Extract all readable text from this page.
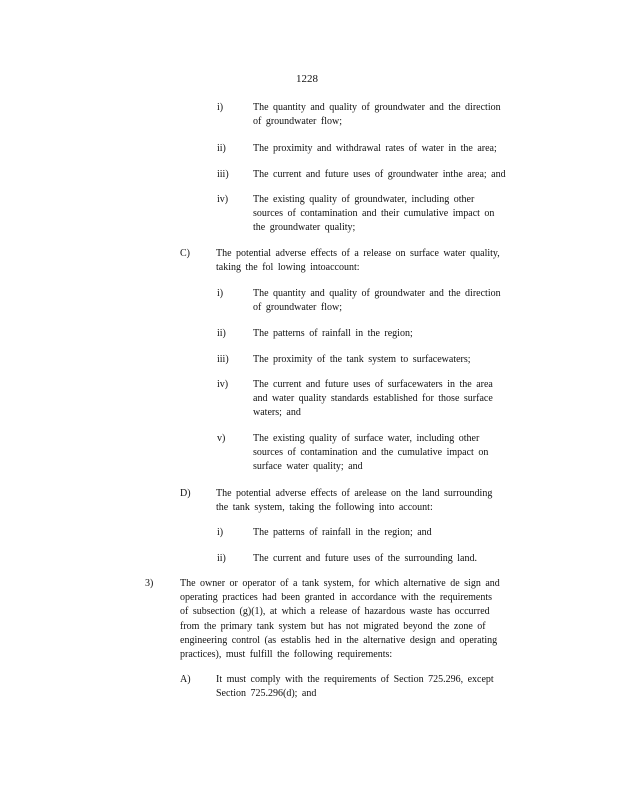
1228
i)	The quantity and quality of groundwater and the direction
of groundwater flow;
ii)	The proximity and withdrawal rates of water in the area;
iii) The current and future uses of groundwater inthe area; and
iv) The existing quality of groundwater, including other
sources of contamination and their cumulative impact on
the groundwater quality;
C)	The potential adverse effects of a release on surface water quality,
taking the fol lowing intoaccount:
i)	The quantity and quality of groundwater and the direction
of groundwater flow;
ii)	The patterns of rainfall in the region;
iii) The proximity of the tank system to surfacewaters;
iv) The current and future uses of surfacewaters in the area
and water quality standards established for those surface
waters; and
v)	The existing quality of surface water, including other
sources of contamination and the cumulative impact on
surface water quality; and
D)	The potential adverse effects of arelease on the land surrounding
the tank system, taking the following into account:
i)	The patterns of rainfall in the region; and
ii)	The current and future uses of the surrounding land.
3)	The owner or operator of a tank system, for which alternative de sign and
operating practices had been granted in accordance with the requirements
of subsection (g)(1), at which a release of hazardous waste has occurred
from the primary tank system but has not migrated beyond the zone of
engineering control (as establis hed in the alternative design and operating
practices), must fulfill the following requirements:
A)	It must comply with the requirements of Section 725.296, except
Section 725.296(d); and
